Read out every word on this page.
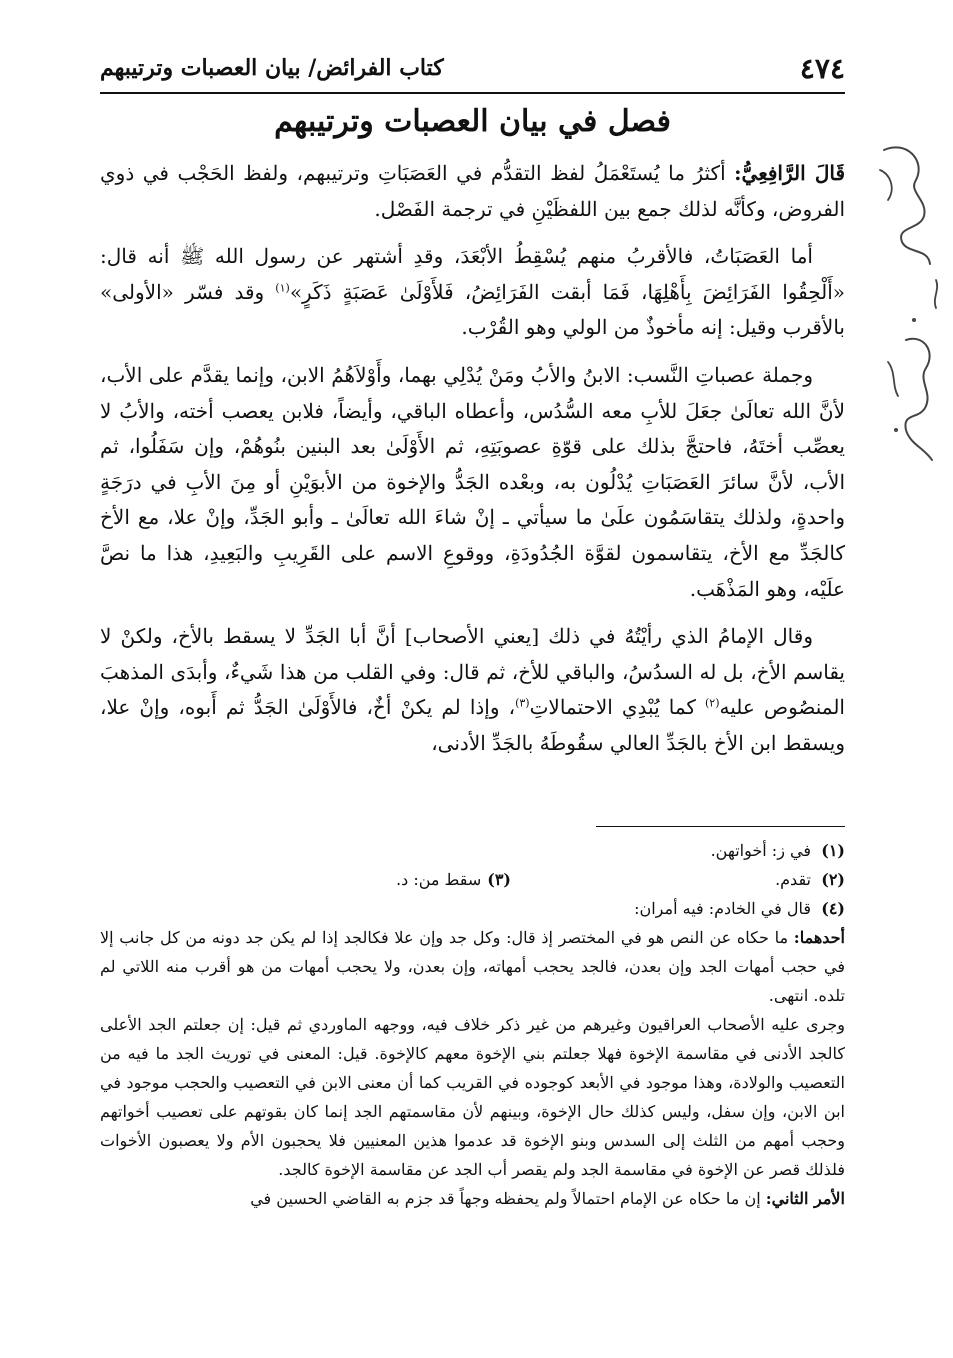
٤٧٤
كتاب الفرائض/ بيان العصبات وترتيبهم
فصل في بيان العصبات وترتيبهم

قَالَ الرَّافِعِيُّ: أكثرُ ما يُستَعْمَلُ لفظ التقدُّم في العَصَبَاتِ وترتيبهم، ولفظ الحَجْب في ذوي الفروض، وكأنَّه لذلك جمع بين اللفظَيْنِ في ترجمة الفَصْل.

أما العَصَبَاتُ، فالأقربُ منهم يُسْقِطُ الأبْعَدَ، وقدِ أشتهر عن رسول الله ﷺ أنه قال: «أَلْحِقُوا الفَرَائِضَ بِأَهْلِهَا، فَمَا أبقت الفَرَائِضُ، فَلأَوْلَىٰ عَصَبَةٍ ذَكَرٍ»$^{(١)}$ وقد فسّر «الأولى» بالأقرب وقيل: إنه مأخوذٌ من الولي وهو القُرْب.

وجملة عصباتِ النَّسب: الابنُ والأبُ ومَنْ يُدْلِي بهما، وأَوْلاَهُمُ الابن، وإنما يقدَّم على الأب، لأنَّ الله تعالَىٰ جعَلَ للأبِ معه السُّدُس، وأعطاه الباقي، وأيضاً، فلابن يعصب أخته، والأبُ لا يعصِّب أختَهُ، فاحتجَّ بذلك على قوّةِ عصوبَتِهِ، ثم الأَوْلَىٰ بعد البنين بنُوهُمْ، وإن سَفَلُوا، ثم الأب، لأنَّ سائرَ العَصَبَاتِ يُدْلُون به، وبعْده الجَدُّ والإخوة من الأبوَيْنِ أو مِنَ الأبِ في درَجَةٍ واحدةٍ، ولذلك يتقاسَمُون علَىٰ ما سيأتي ـ إنْ شاءَ الله تعالَىٰ ـ وأبو الجَدِّ، وإنْ علا، مع الأخ كالجَدِّ مع الأخ، يتقاسمون لقوَّة الجُدُودَةِ، ووقوعِ الاسم على القَرِيبِ والبَعِيدِ، هذا ما نصَّ علَيْه، وهو المَذْهَب.

وقال الإمامُ الذي رأيْتُهُ في ذلك [يعني الأصحاب] أنَّ أبا الجَدِّ لا يسقط بالأخ، ولكنْ لا يقاسم الأخ، بل له السدُسُ، والباقي للأخ، ثم قال: وفي القلب من هذا شَيءٌ، وأبدَى المذهبَ المنصُوص عليه$^{(٢)}$ كما يُبْدِي الاحتمالاتِ$^{(٣)}$، وإذا لم يكنْ أخٌ، فالأَوْلَىٰ الجَدُّ ثم أَبوه، وإنْ علا، ويسقط ابن الأخ بالجَدِّ العالي سقُوطَهُ بالجَدِّ الأدنى،

(١)
في ز: أخواتهن.
(٢)
تقدم.
(٣)
سقط من: د.
(٤)
قال في الخادم: فيه أمران:
أحدهما: ما حكاه عن النص هو في المختصر إذ قال: وكل جد وإن علا فكالجد إذا لم يكن جد دونه من كل جانب إلا في حجب أمهات الجد وإن بعدن، فالجد يحجب أمهاته، وإن بعدن، ولا يحجب أمهات من هو أقرب منه اللاتي لم تلده. انتهى.
وجرى عليه الأصحاب العراقيون وغيرهم من غير ذكر خلاف فيه، ووجهه الماوردي ثم قيل: إن جعلتم الجد الأعلى كالجد الأدنى في مقاسمة الإخوة فهلا جعلتم بني الإخوة معهم كالإخوة. قيل: المعنى في توريث الجد ما فيه من التعصيب والولادة، وهذا موجود في الأبعد كوجوده في القريب كما أن معنى الابن في التعصيب والحجب موجود في ابن الابن، وإن سفل، وليس كذلك حال الإخوة، وبينهم لأن مقاسمتهم الجد إنما كان بقوتهم على تعصيب أخواتهم وحجب أمهم من الثلث إلى السدس وبنو الإخوة قد عدموا هذين المعنيين فلا يحجبون الأم ولا يعصبون الأخوات فلذلك قصر عن الإخوة في مقاسمة الجد ولم يقصر أب الجد عن مقاسمة الإخوة كالجد.
الأمر الثاني: إن ما حكاه عن الإمام احتمالاً ولم يحفظه وجهاً قد جزم به القاضي الحسين في
